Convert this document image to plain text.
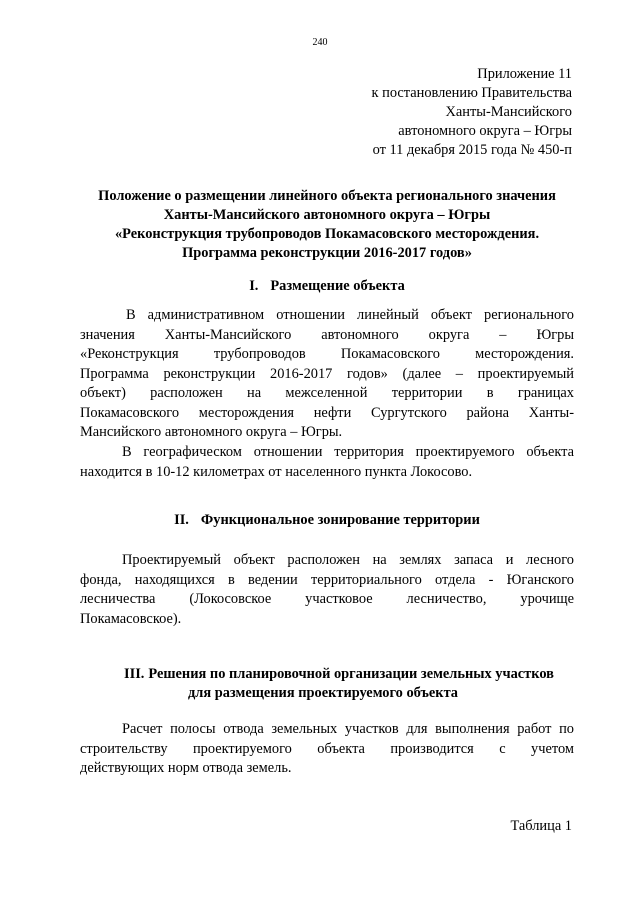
240
Приложение 11
к постановлению Правительства
Ханты-Мансийского
автономного округа – Югры
от 11 декабря 2015 года № 450-п
Положение о размещении линейного объекта регионального значения
Ханты-Мансийского автономного округа – Югры
«Реконструкция трубопроводов Покамасовского месторождения.
Программа реконструкции 2016-2017 годов»
I. Размещение объекта
В административном отношении линейный объект регионального
значения Ханты-Мансийского автономного округа – Югры
«Реконструкция трубопроводов Покамасовского месторождения.
Программа реконструкции 2016-2017 годов» (далее – проектируемый
объект) расположен на межселенной территории в границах
Покамасовского месторождения нефти Сургутского района Ханты-
Мансийского автономного округа – Югры.
В географическом отношении территория проектируемого объекта
находится в 10-12 километрах от населенного пункта Локосово.
II. Функциональное зонирование территории
Проектируемый объект расположен на землях запаса и лесного
фонда, находящихся в ведении территориального отдела - Юганского
лесничества (Локосовское участковое лесничество, урочище
Покамасовское).
III. Решения по планировочной организации земельных участков
для размещения проектируемого объекта
Расчет полосы отвода земельных участков для выполнения работ по
строительству проектируемого объекта производится с учетом
действующих норм отвода земель.
Таблица 1
